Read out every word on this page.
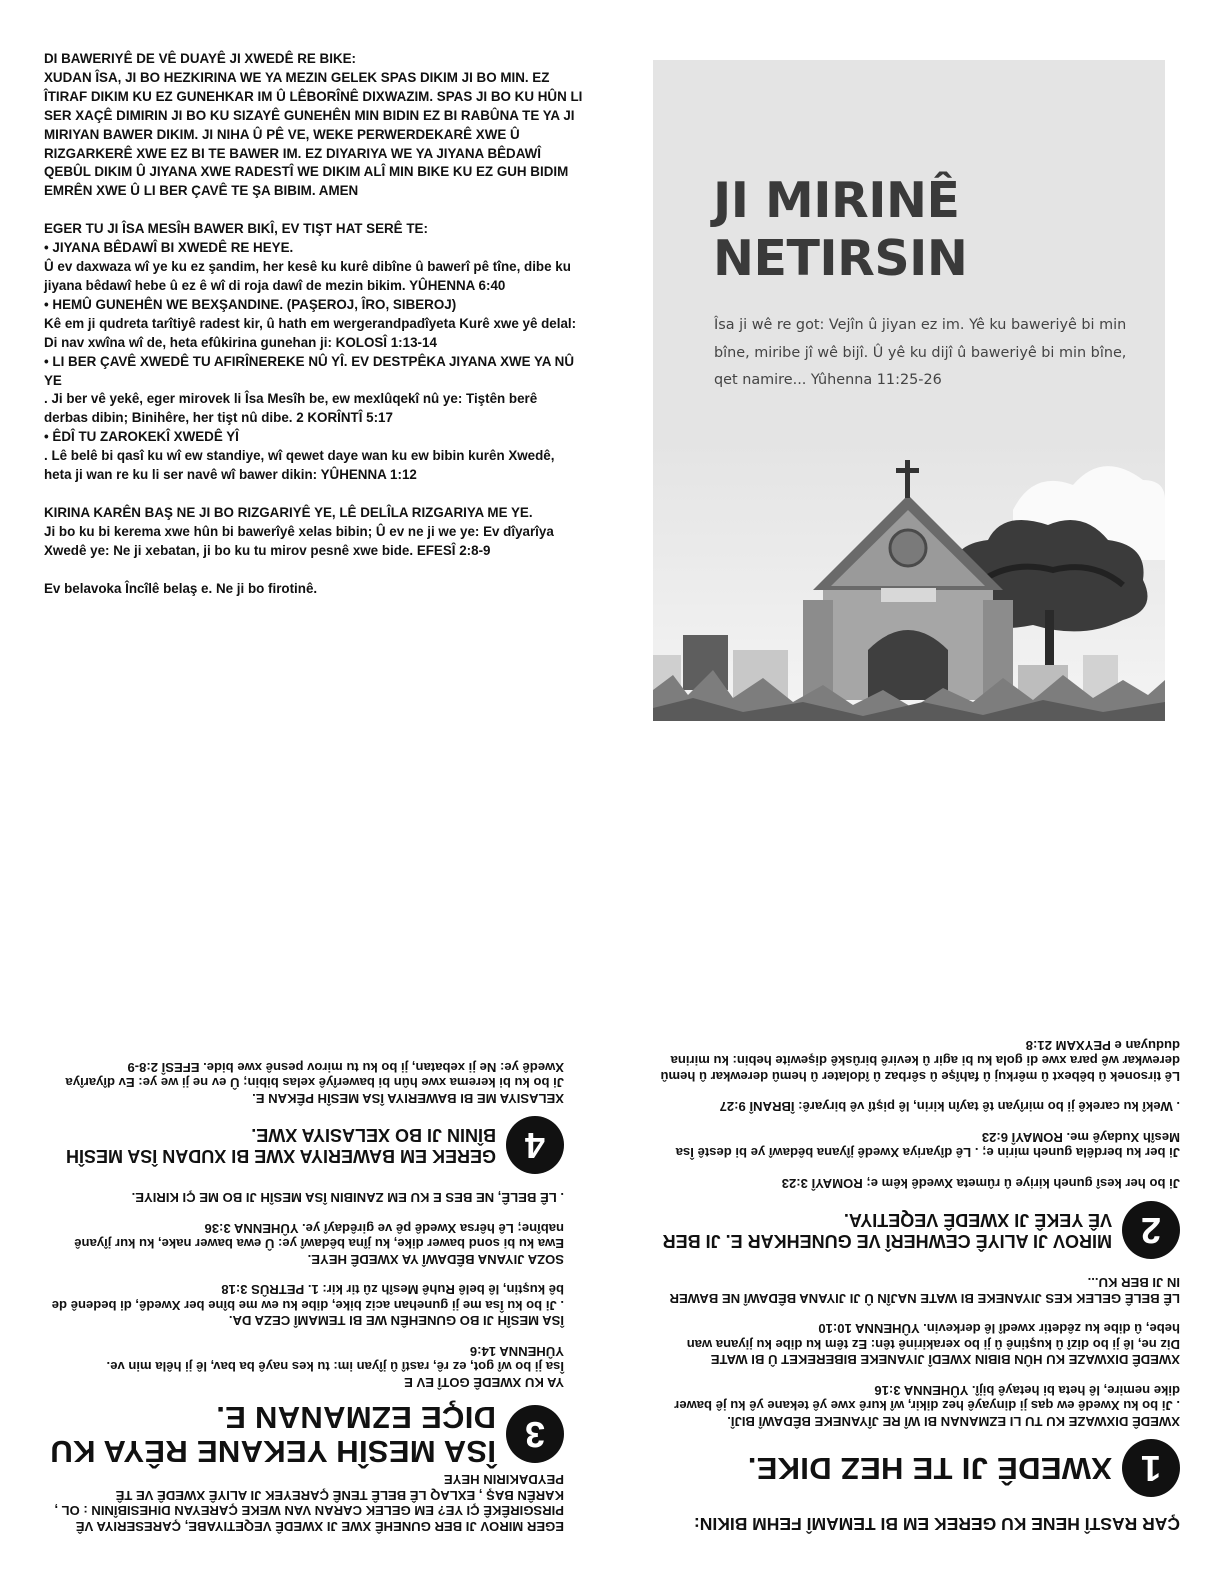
DI BAWERIYÊ DE VÊ DUAYÊ JI XWEDÊ RE BIKE:

XUDAN ÎSA, JI BO HEZKIRINA WE YA MEZIN GELEK SPAS DIKIM JI BO MIN. EZ ÎTIRAF DIKIM KU EZ GUNEHKAR IM Û LÊBORÎNÊ DIXWAZIM. SPAS JI BO KU HÛN LI SER XAÇÊ DIMIRIN JI BO KU SIZAYÊ GUNEHÊN MIN BIDIN EZ BI RABÛNA TE YA JI MIRIYAN BAWER DIKIM. JI NIHA Û PÊ VE, WEKE PERWERDEKARÊ XWE Û RIZGARKERÊ XWE EZ BI TE BAWER IM. EZ DIYARIYA WE YA JIYANA BÊDAWÎ QEBÛL DIKIM Û JIYANA XWE RADESTÎ WE DIKIM ALÎ MIN BIKE KU EZ GUH BIDIM EMRÊN XWE Û LI BER ÇAVÊ TE ŞA BIBIM. AMEN

EGER TU JI ÎSA MESÎH BAWER BIKÎ, EV TIŞT HAT SERÊ TE:

• JIYANA BÊDAWÎ BI XWEDÊ RE HEYE.

Û ev daxwaza wî ye ku ez şandim, her kesê ku kurê dibîne û bawerî pê tîne, dibe ku jiyana bêdawî hebe û ez ê wî di roja dawî de mezin bikim. YÛHENNA 6:40

• HEMÛ GUNEHÊN WE BEXŞANDINE. (PAŞEROJ, ÎRO, SIBEROJ)

Kê em ji qudreta tarîtiyê radest kir, û hath em wergerandpadîyeta Kurê xwe yê delal: Di nav xwîna wî de, heta efûkirina gunehan ji: KOLOSÎ 1:13-14

• LI BER ÇAVÊ XWEDÊ TU AFIRÎNEREKE NÛ YÎ. EV DESTPÊKA JIYANA XWE YA NÛ YE

. Ji ber vê yekê, eger mirovek li Îsa Mesîh be, ew mexlûqekî nû ye: Tiştên berê derbas dibin; Binihêre, her tişt nû dibe. 2 KORÎNTÎ 5:17

• ÊDÎ TU ZAROKEKÎ XWEDÊ YÎ

. Lê belê bi qasî ku wî ew standiye, wî qewet daye wan ku ew bibin kurên Xwedê, heta ji wan re ku li ser navê wî bawer dikin: YÛHENNA 1:12

KIRINA KARÊN BAŞ NE JI BO RIZGARIYÊ YE, LÊ DELÎLA RIZGARIYA ME YE.

Ji bo ku bi kerema xwe hûn bi bawerîyê xelas bibin; Û ev ne ji we ye: Ev dîyarîya Xwedê ye: Ne ji xebatan, ji bo ku tu mirov pesnê xwe bide. EFESÎ 2:8-9

Ev belavoka Încîlê belaş e. Ne ji bo firotinê.

JI MIRINÊ
NETIRSIN

Îsa ji wê re got: Vejîn û jiyan ez im. Yê ku baweriyê bi min bîne, miribe jî wê bijî. Û yê ku dijî û baweriyê bi min bîne, qet namire... Yûhenna 11:25-26

ÇAR RASTÎ HENE KU GEREK EM BI TEMAMÎ FEHM BIKIN:

1
XWEDÊ JI TE HEZ DIKE.

XWEDÊ DIXWAZE KU TU LI EZMANAN BI WÎ RE JÎYANEKE BÊDAWÎ BIJÎ.

. Ji bo ku Xwedê ew qas ji dinyayê hez dikir, wî kurê xwe yê tekane yê ku jê bawer dike nemire, lê heta bi hetayê bijî. YÛHENNA 3:16

XWEDÊ DIXWAZE KU HÛN BIBIN XWEDÎ JIYANEKE BIBEREKET Û BI WATE

Diz ne, lê ji bo dizî û kuştinê û ji bo xerakirinê tên: Ez têm ku dibe ku jiyana wan hebe, û dibe ku zêdetir xwedî lê derkevin. YÛHENNA 10:10

LÊ BELÊ GELEK KES JIYANEKE BI WATE NAJÎN Û JI JIYANA BÊDAWÎ NE BAWER IN JI BER KU...

2
MIROV JI ALIYÊ CEWHERÎ VE GUNEHKAR E. JI BER VÊ YEKÊ JI XWEDÊ VEQETIYA.

Ji bo her kesî guneh kiriye û rûmeta Xwedê kêm e; ROMAYÎ 3:23

Ji ber ku berdêla guneh mirin e; . Lê dîyariya Xwedê jîyana bêdawî ye bi destê Îsa Mesîh Xudayê me. ROMAYÎ 6:23

. Wekî ku carekê ji bo mirîyan tê tayîn kirin, lê piştî vê biryarê: ÎBRANÎ 9:27

Lê tirsonek û bêbext û mêrkuj û fahîşe û sêrbaz û îdolater û hemû derewkar û hemû derewkar wê para xwe di gola ku bi agir û kevirê birûskê dişewite hebin: ku mirina duduyan e PEYXAM 21:8

EGER MIROV JI BER GUNEHÊ XWE JI XWEDÊ VEQETIYABE, ÇARESERIYA VÊ PIRSGIRÊKÊ ÇI YE? EM GELEK CARAN VAN WEKE ÇAREYAN DIHESIBÎNIN : OL , KARÊN BAŞ , EXLAQ LÊ BELÊ TENÊ ÇAREYEK JI ALIYÊ XWEDÊ VE TÊ PEYDAKIRIN HEYE

3
ÎSA MESÎH YEKANE RÊYA KU DIÇE EZMANAN E.

YA KU XWEDÊ GOTÎ EV E

Îsa ji bo wî got, ez rê, rastî û jîyan im: tu kes nayê ba bav, lê ji hêla min ve. YÛHENNA 14:6

ÎSA MESÎH JI BO GUNEHÊN WE BI TEMAMÎ CEZA DA.

. Ji bo ku Îsa me ji gunehan aciz bike, dibe ku ew me bîne ber Xwedê, di bedenê de bê kuştin, lê belê Ruhê Mesîh zû tir kir: 1. PETRÛS 3:18

SOZA JIYANA BÊDAWÎ YA XWEDÊ HEYE.

Ewa ku bi sond bawer dike, ku jîna bêdawî ye: Û ewa bawer nake, ku kur jîyanê nabîne; Lê hêrsa Xwedê pê ve girêdayî ye. YÛHENNA 3:36

. LÊ BELÊ, NE BES E KU EM ZANIBIN ÎSA MESÎH JI BO ME ÇI KIRIYE.

4
GEREK EM BAWERIYA XWE BI XUDAN ÎSA MESÎH BÎNIN JI BO XELASIYA XWE.

XELASIYA ME BI BAWERIYA ÎSA MESÎH PÊKAN E.

Ji bo ku bi kerema xwe hûn bi bawerîyê xelas bibin; Û ev ne ji we ye: Ev dîyarîya Xwedê ye: Ne ji xebatan, ji bo ku tu mirov pesnê xwe bide. EFESÎ 2:8-9
